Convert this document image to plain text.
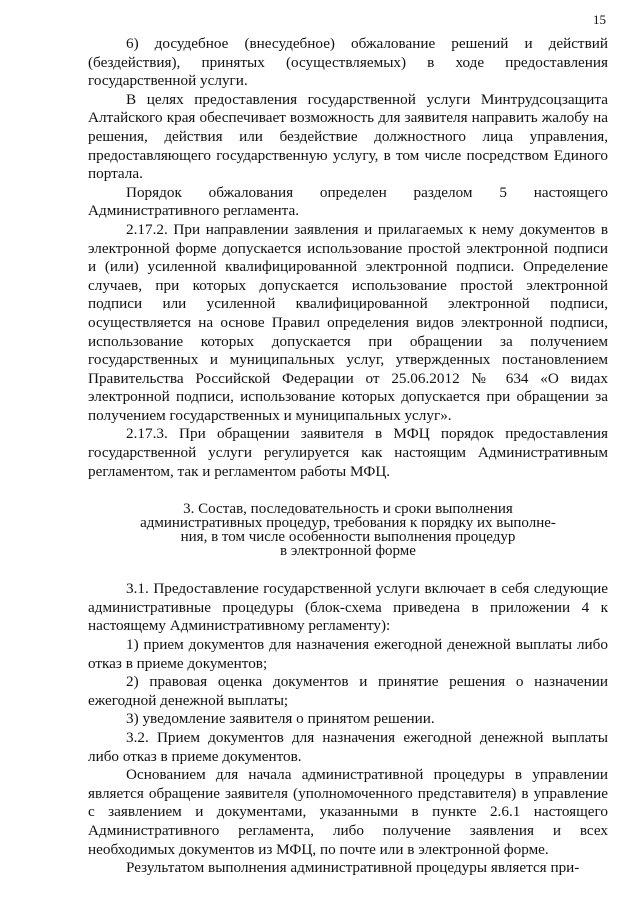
15

6) досудебное (внесудебное) обжалование решений и действий (бездействия), принятых (осуществляемых) в ходе предоставления государственной услуги.

В целях предоставления государственной услуги Минтрудсоцзащита Алтайского края обеспечивает возможность для заявителя направить жалобу на решения, действия или бездействие должностного лица управления, предоставляющего государственную услугу, в том числе посредством Единого портала.

Порядок обжалования определен разделом 5 настоящего Административного регламента.

2.17.2. При направлении заявления и прилагаемых к нему документов в электронной форме допускается использование простой электронной подписи и (или) усиленной квалифицированной электронной подписи. Определение случаев, при которых допускается использование простой электронной подписи или усиленной квалифицированной электронной подписи, осуществляется на основе Правил определения видов электронной подписи, использование которых допускается при обращении за получением государственных и муниципальных услуг, утвержденных постановлением Правительства Российской Федерации от 25.06.2012 № 634 «О видах электронной подписи, использование которых допускается при обращении за получением государственных и муниципальных услуг».

2.17.3. При обращении заявителя в МФЦ порядок предоставления государственной услуги регулируется как настоящим Административным регламентом, так и регламентом работы МФЦ.

3. Состав, последовательность и сроки выполнения
административных процедур, требования к порядку их выполне-
ния, в том числе особенности выполнения процедур
в электронной форме

3.1. Предоставление государственной услуги включает в себя следующие административные процедуры (блок-схема приведена в приложении 4 к настоящему Административному регламенту):

1) прием документов для назначения ежегодной денежной выплаты либо отказ в приеме документов;

2) правовая оценка документов и принятие решения о назначении ежегодной денежной выплаты;

3) уведомление заявителя о принятом решении.

3.2. Прием документов для назначения ежегодной денежной выплаты либо отказ в приеме документов.

Основанием для начала административной процедуры в управлении является обращение заявителя (уполномоченного представителя) в управление с заявлением и документами, указанными в пункте 2.6.1 настоящего Административного регламента, либо получение заявления и всех необходимых документов из МФЦ, по почте или в электронной форме.

Результатом выполнения административной процедуры является при-
